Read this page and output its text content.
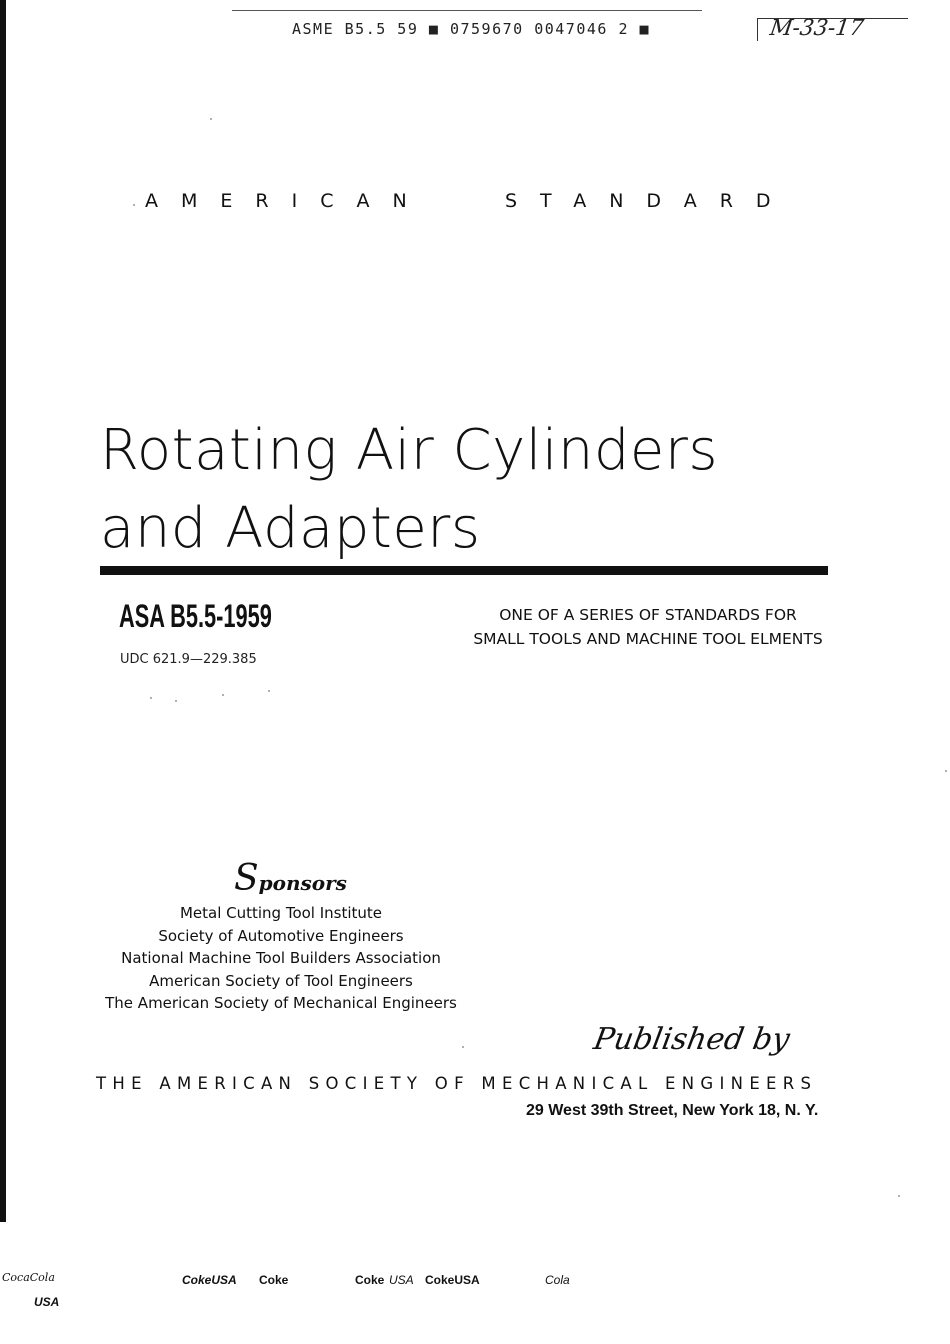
ASME B5.5 59 ■ 0759670 0047046 2 ■	M-33-17
AMERICAN	STANDARD
Rotating Air Cylinders
and Adapters
ASA B5.5-1959
UDC 621.9—229.385
ONE OF A SERIES OF STANDARDS FOR
SMALL TOOLS AND MACHINE TOOL ELMENTS
Sponsors
Metal Cutting Tool Institute
Society of Automotive Engineers
National Machine Tool Builders Association
American Society of Tool Engineers
The American Society of Mechanical Engineers
Published by
THE AMERICAN SOCIETY OF MECHANICAL ENGINEERS
29 West 39th Street, New York 18, N. Y.
CocaCola
USA
CokeUSA Coke	Coke USA CokeUSA	Cola
